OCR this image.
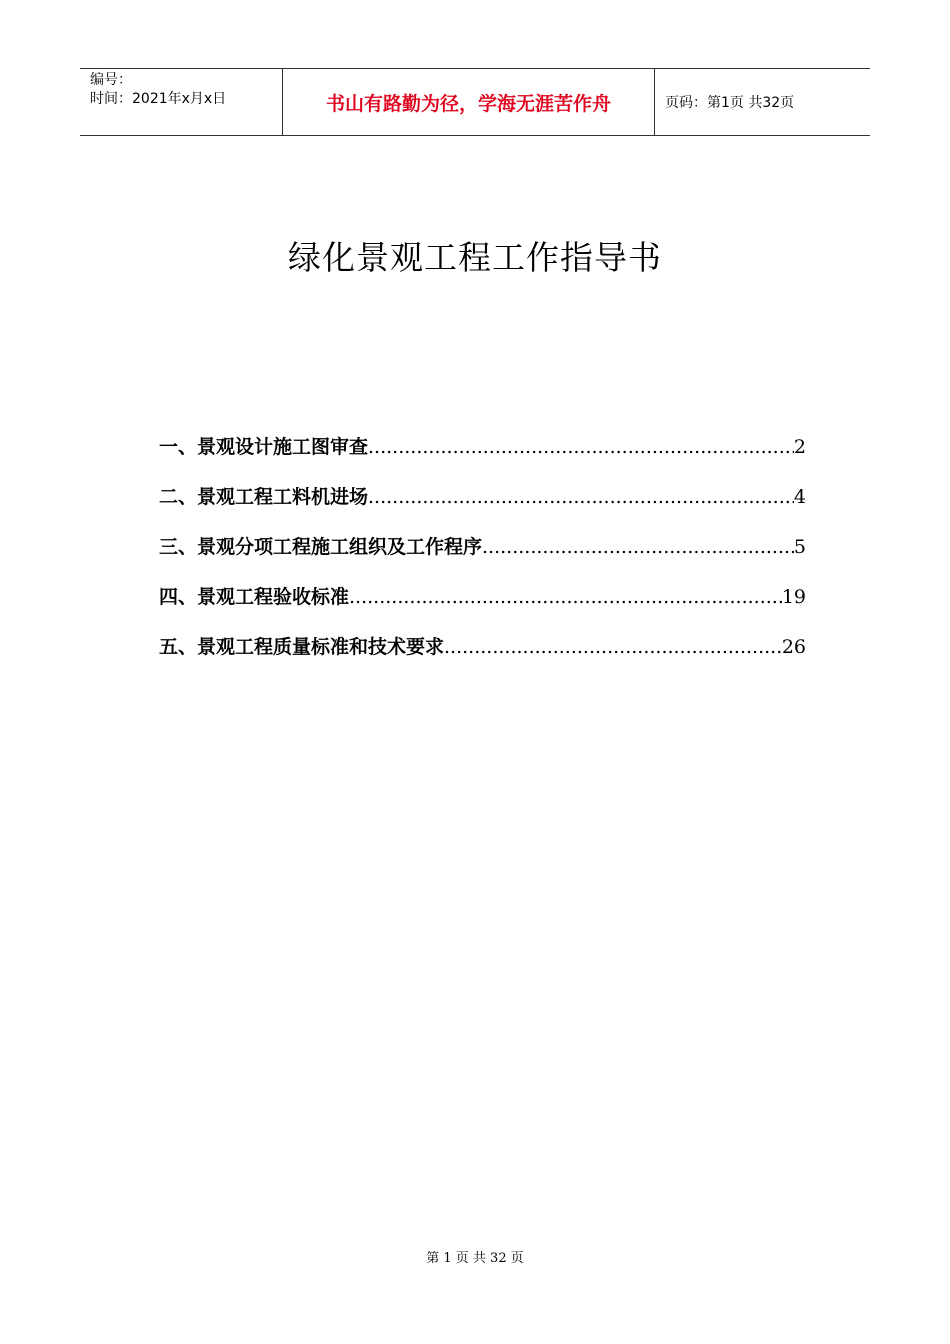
编号：
时间：2021年x月x日	书山有路勤为径，学海无涯苦作舟	页码：第1页 共32页
绿化景观工程工作指导书
一、景观设计施工图审查 .....	2
二、景观工程工料机进场 .....	4
三、景观分项工程施工组织及工作程序 .....	5
四、景观工程验收标准 .....	19
五、景观工程质量标准和技术要求 .....	26
第 1 页 共 32 页
